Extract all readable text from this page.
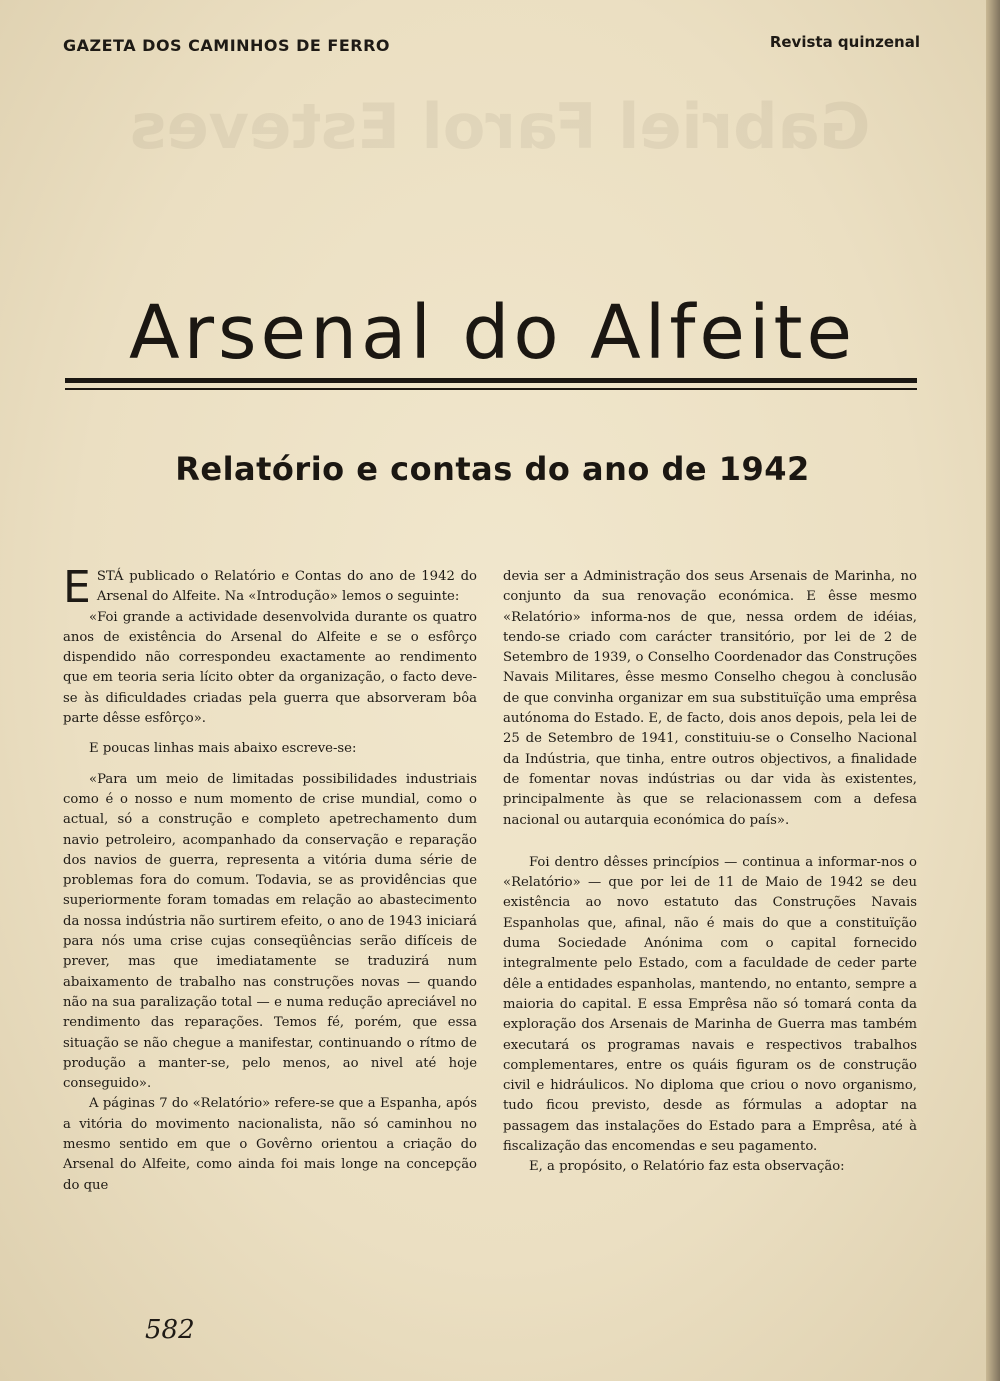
GAZETA DOS CAMINHOS DE FERRO	Revista quinzenal
Gabriel Farol Esteves
Arsenal do Alfeite
Relatório e contas do ano de 1942

ESTÁ publicado o Relatório e Contas do ano de 1942 do Arsenal do Alfeite. Na «Introdução» lemos o seguinte:

«Foi grande a actividade desenvolvida durante os quatro anos de existência do Arsenal do Alfeite e se o esfôrço dispendido não correspondeu exactamente ao rendimento que em teoria seria lícito obter da organização, o facto deve-se às dificuldades criadas pela guerra que absorveram bôa parte dêsse esfôrço».

E poucas linhas mais abaixo escreve-se:

«Para um meio de limitadas possibilidades industriais como é o nosso e num momento de crise mundial, como o actual, só a construção e completo apetrechamento dum navio petroleiro, acompanhado da conservação e reparação dos navios de guerra, representa a vitória duma série de problemas fora do comum. Todavia, se as providências que superiormente foram tomadas em relação ao abastecimento da nossa indústria não surtirem efeito, o ano de 1943 iniciará para nós uma crise cujas conseqüências serão difíceis de prever, mas que imediatamente se traduzirá num abaixamento de trabalho nas construções novas — quando não na sua paralização total — e numa redução apreciável no rendimento das reparações. Temos fé, porém, que essa situação se não chegue a manifestar, continuando o rítmo de produção a manter-se, pelo menos, ao nivel até hoje conseguido».

A páginas 7 do «Relatório» refere-se que a Espanha, após a vitória do movimento nacionalista, não só caminhou no mesmo sentido em que o Govêrno orientou a criação do Arsenal do Alfeite, como ainda foi mais longe na concepção do que

devia ser a Administração dos seus Arsenais de Marinha, no conjunto da sua renovação económica. E êsse mesmo «Relatório» informa-nos de que, nessa ordem de idéias, tendo-se criado com carácter transitório, por lei de 2 de Setembro de 1939, o Conselho Coordenador das Construções Navais Militares, êsse mesmo Conselho chegou à conclusão de que convinha organizar em sua substituïção uma emprêsa autónoma do Estado. E, de facto, dois anos depois, pela lei de 25 de Setembro de 1941, constituiu-se o Conselho Nacional da Indústria, que tinha, entre outros objectivos, a finalidade de fomentar novas indústrias ou dar vida às existentes, principalmente às que se relacionassem com a defesa nacional ou autarquia económica do país».

Foi dentro dêsses princípios — continua a informar-nos o «Relatório» — que por lei de 11 de Maio de 1942 se deu existência ao novo estatuto das Construções Navais Espanholas que, afinal, não é mais do que a constituïção duma Sociedade Anónima com o capital fornecido integralmente pelo Estado, com a faculdade de ceder parte dêle a entidades espanholas, mantendo, no entanto, sempre a maioria do capital. E essa Emprêsa não só tomará conta da exploração dos Arsenais de Marinha de Guerra mas também executará os programas navais e respectivos trabalhos complementares, entre os quáis figuram os de construção civil e hidráulicos. No diploma que criou o novo organismo, tudo ficou previsto, desde as fórmulas a adoptar na passagem das instalações do Estado para a Emprêsa, até à fiscalização das encomendas e seu pagamento.

E, a propósito, o Relatório faz esta observação:

582
